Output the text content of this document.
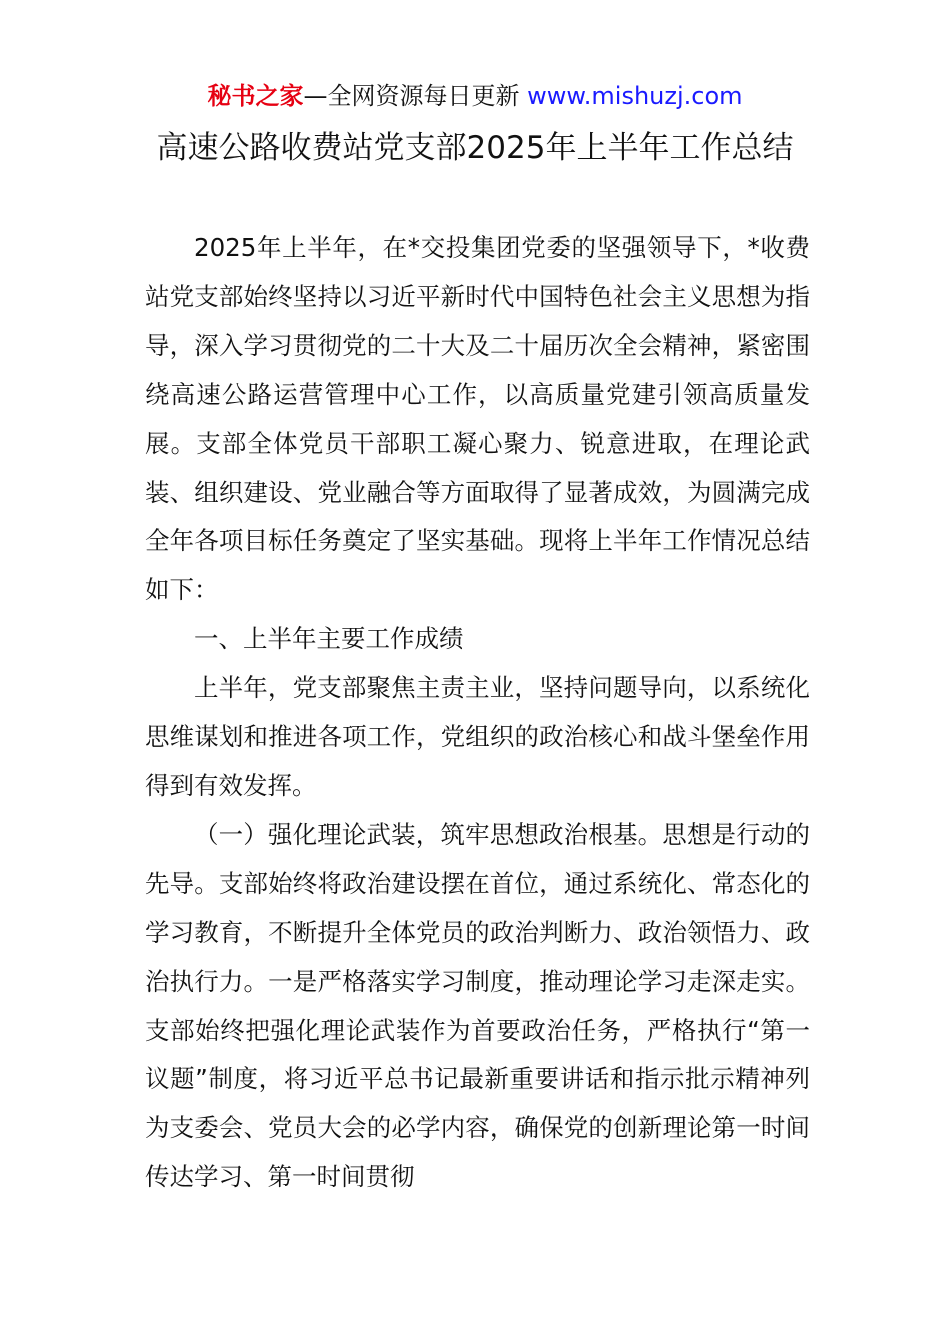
秘书之家—全网资源每日更新 www.mishuzj.com
高速公路收费站党支部2025年上半年工作总结

2025年上半年，在*交投集团党委的坚强领导下，*收费站党支部始终坚持以习近平新时代中国特色社会主义思想为指导，深入学习贯彻党的二十大及二十届历次全会精神，紧密围绕高速公路运营管理中心工作，以高质量党建引领高质量发展。支部全体党员干部职工凝心聚力、锐意进取，在理论武装、组织建设、党业融合等方面取得了显著成效，为圆满完成全年各项目标任务奠定了坚实基础。现将上半年工作情况总结如下：

一、上半年主要工作成绩

上半年，党支部聚焦主责主业，坚持问题导向，以系统化思维谋划和推进各项工作，党组织的政治核心和战斗堡垒作用得到有效发挥。

（一）强化理论武装，筑牢思想政治根基。思想是行动的先导。支部始终将政治建设摆在首位，通过系统化、常态化的学习教育，不断提升全体党员的政治判断力、政治领悟力、政治执行力。一是严格落实学习制度，推动理论学习走深走实。支部始终把强化理论武装作为首要政治任务，严格执行“第一议题”制度，将习近平总书记最新重要讲话和指示批示精神列为支委会、党员大会的必学内容，确保党的创新理论第一时间传达学习、第一时间贯彻
